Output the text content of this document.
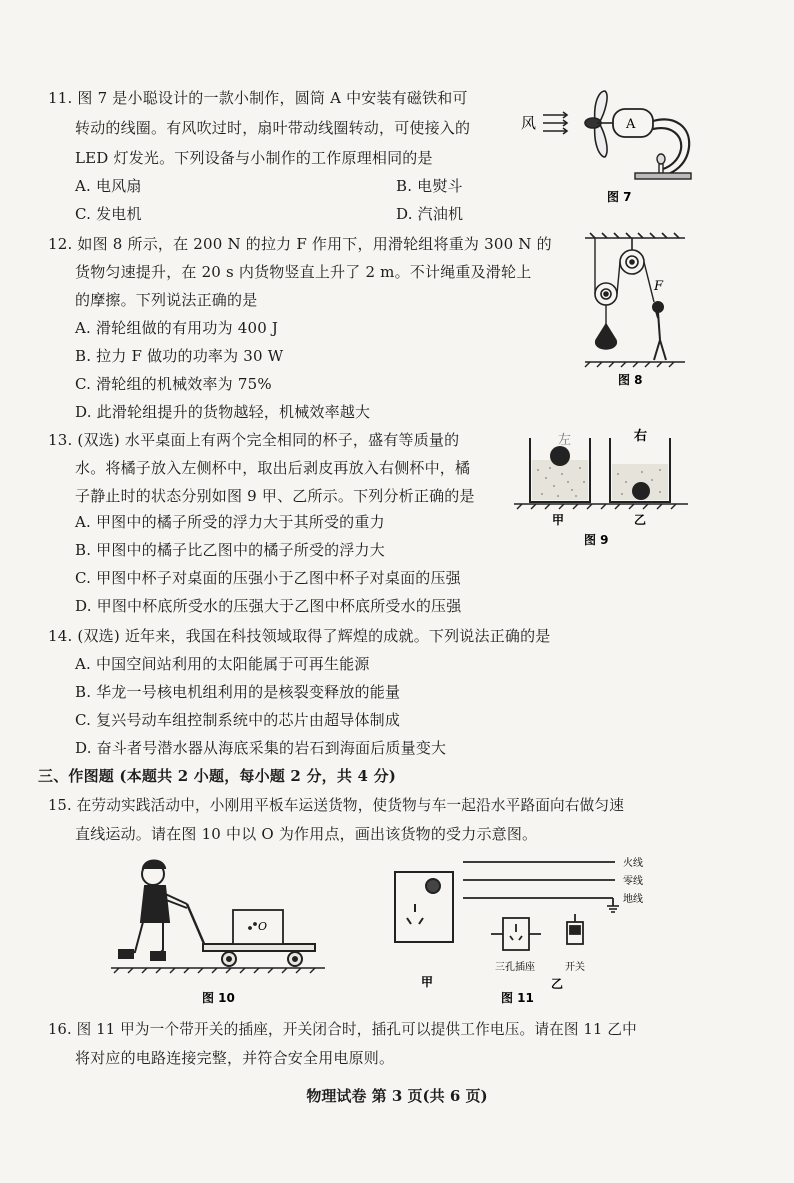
11. 图 7 是小聪设计的一款小制作，圆筒 A 中安装有磁铁和可
转动的线圈。有风吹过时，扇叶带动线圈转动，可使接入的
LED 灯发光。下列设备与小制作的工作原理相同的是
A. 电风扇	B. 电熨斗
C. 发电机	D. 汽油机
风	A
图 7
12. 如图 8 所示，在 200 N 的拉力 F 作用下，用滑轮组将重为 300 N 的
货物匀速提升，在 20 s 内货物竖直上升了 2 m。不计绳重及滑轮上
的摩擦。下列说法正确的是
A. 滑轮组做的有用功为 400 J
B. 拉力 F 做功的功率为 30 W
C. 滑轮组的机械效率为 75%
D. 此滑轮组提升的货物越轻，机械效率越大
F
图 8
13. (双选) 水平桌面上有两个完全相同的杯子，盛有等质量的
水。将橘子放入左侧杯中，取出后剥皮再放入右侧杯中，橘
子静止时的状态分别如图 9 甲、乙所示。下列分析正确的是
A. 甲图中的橘子所受的浮力大于其所受的重力
B. 甲图中的橘子比乙图中的橘子所受的浮力大
C. 甲图中杯子对桌面的压强小于乙图中杯子对桌面的压强
D. 甲图中杯底所受水的压强大于乙图中杯底所受水的压强
左	右
甲	乙
图 9
14. (双选) 近年来，我国在科技领域取得了辉煌的成就。下列说法正确的是
A. 中国空间站利用的太阳能属于可再生能源
B. 华龙一号核电机组利用的是核裂变释放的能量
C. 复兴号动车组控制系统中的芯片由超导体制成
D. 奋斗者号潜水器从海底采集的岩石到海面后质量变大
三、作图题 (本题共 2 小题，每小题 2 分，共 4 分)
15. 在劳动实践活动中，小刚用平板车运送货物，使货物与车一起沿水平路面向右做匀速
直线运动。请在图 10 中以 O 为作用点，画出该货物的受力示意图。
O
图 10
甲
火线
零线
地线
三孔插座	开关
乙
图 11
16. 图 11 甲为一个带开关的插座，开关闭合时，插孔可以提供工作电压。请在图 11 乙中
将对应的电路连接完整，并符合安全用电原则。
物理试卷 第 3 页(共 6 页)
